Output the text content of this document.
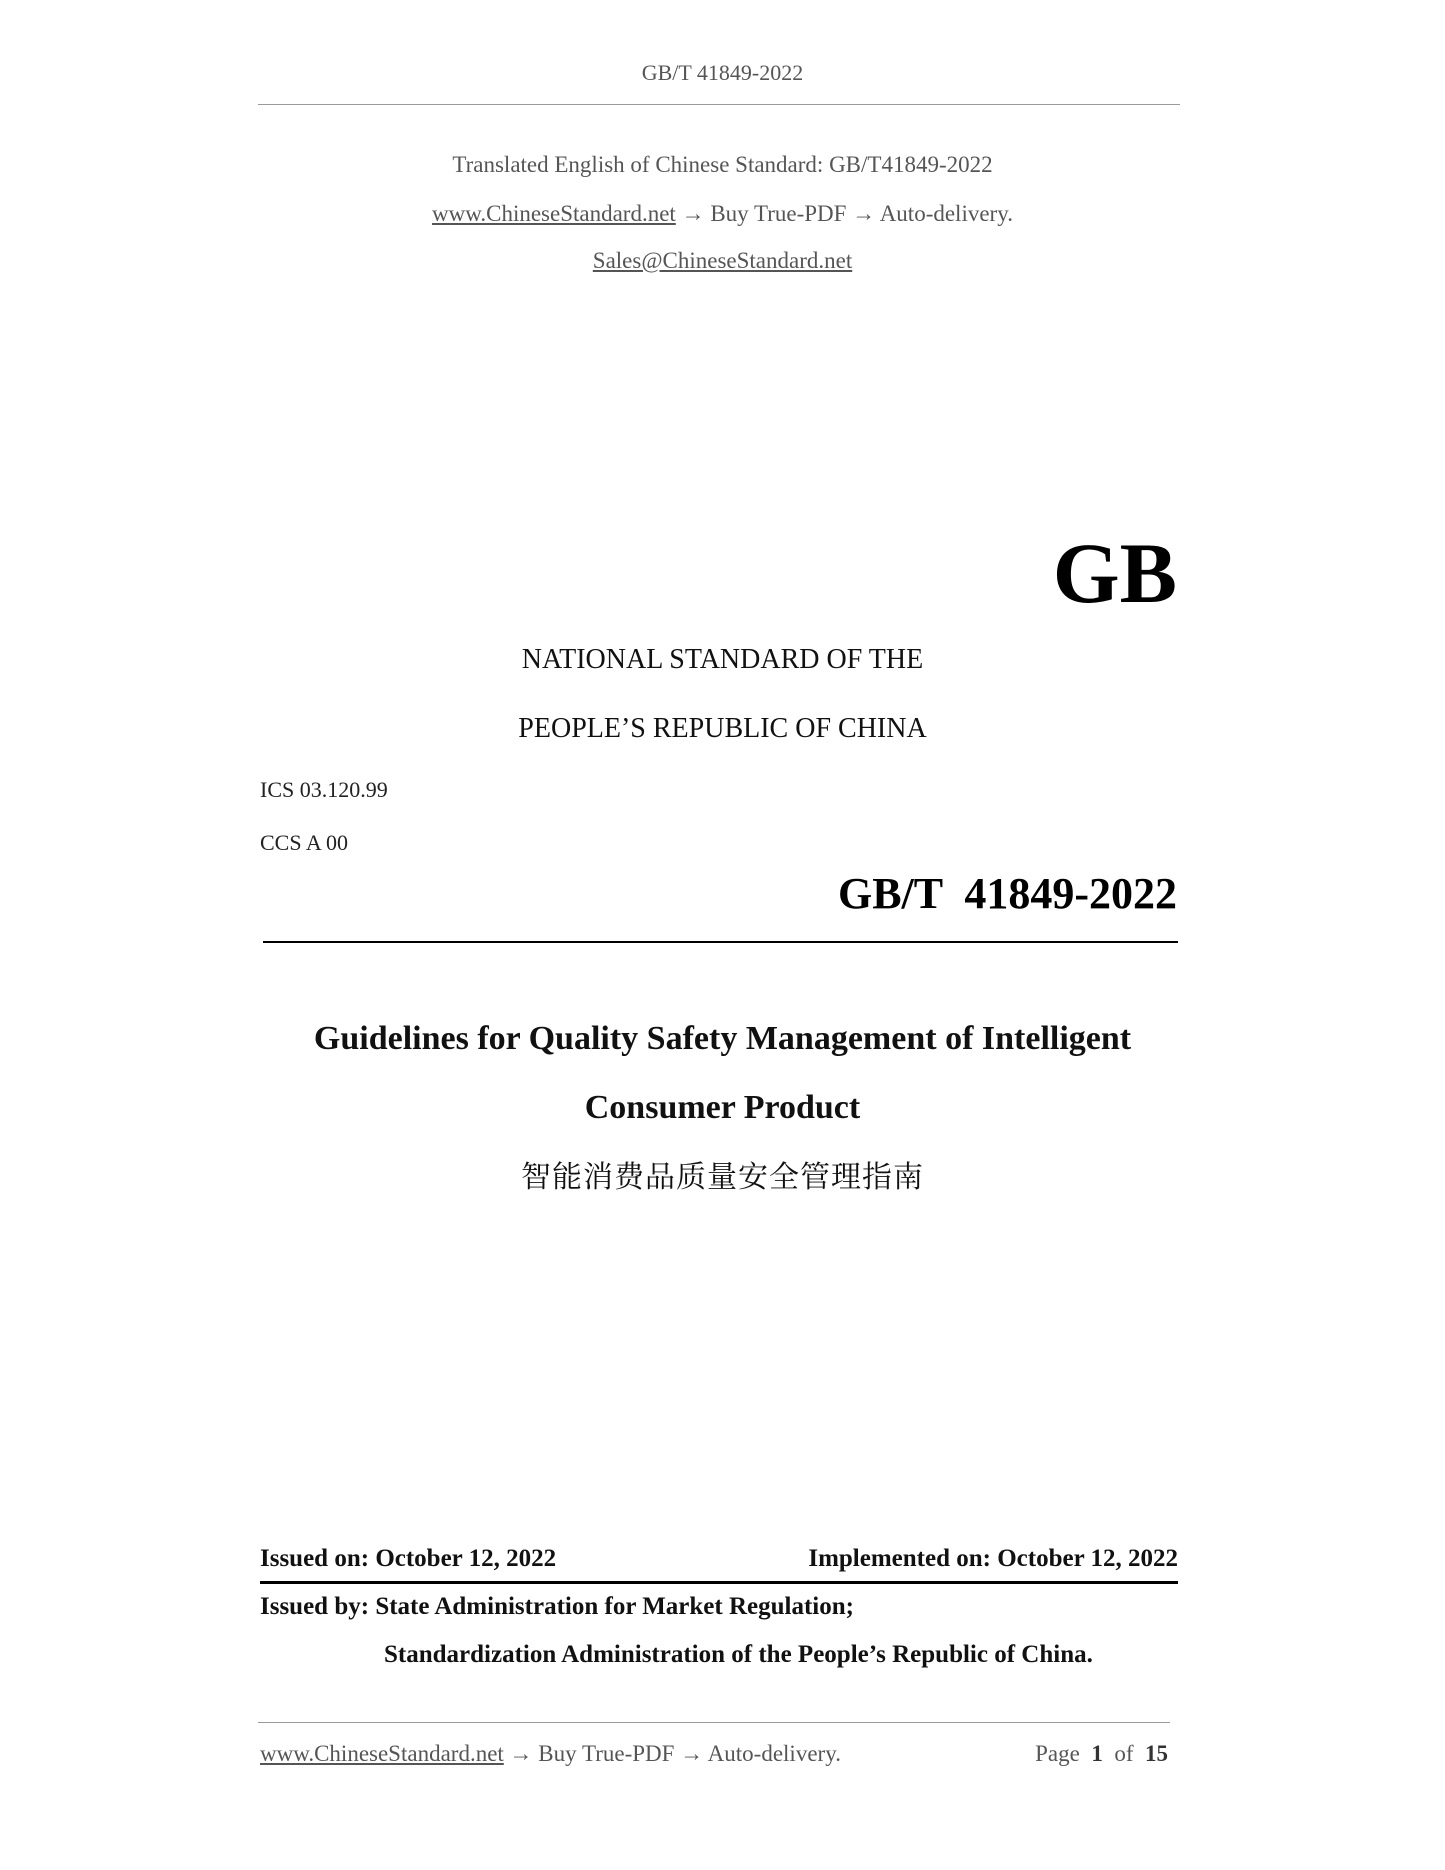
GB/T 41849-2022
Translated English of Chinese Standard: GB/T41849-2022
www.ChineseStandard.net → Buy True-PDF → Auto-delivery.
Sales@ChineseStandard.net
GB
NATIONAL STANDARD OF THE
PEOPLE’S REPUBLIC OF CHINA
ICS 03.120.99
CCS A 00
GB/T  41849-2022
Guidelines for Quality Safety Management of Intelligent
Consumer Product
智能消费品质量安全管理指南
Issued on: October 12, 2022	Implemented on: October 12, 2022
Issued by: State Administration for Market Regulation;
Standardization Administration of the People’s Republic of China.
www.ChineseStandard.net → Buy True-PDF → Auto-delivery.	Page 1 of 15
